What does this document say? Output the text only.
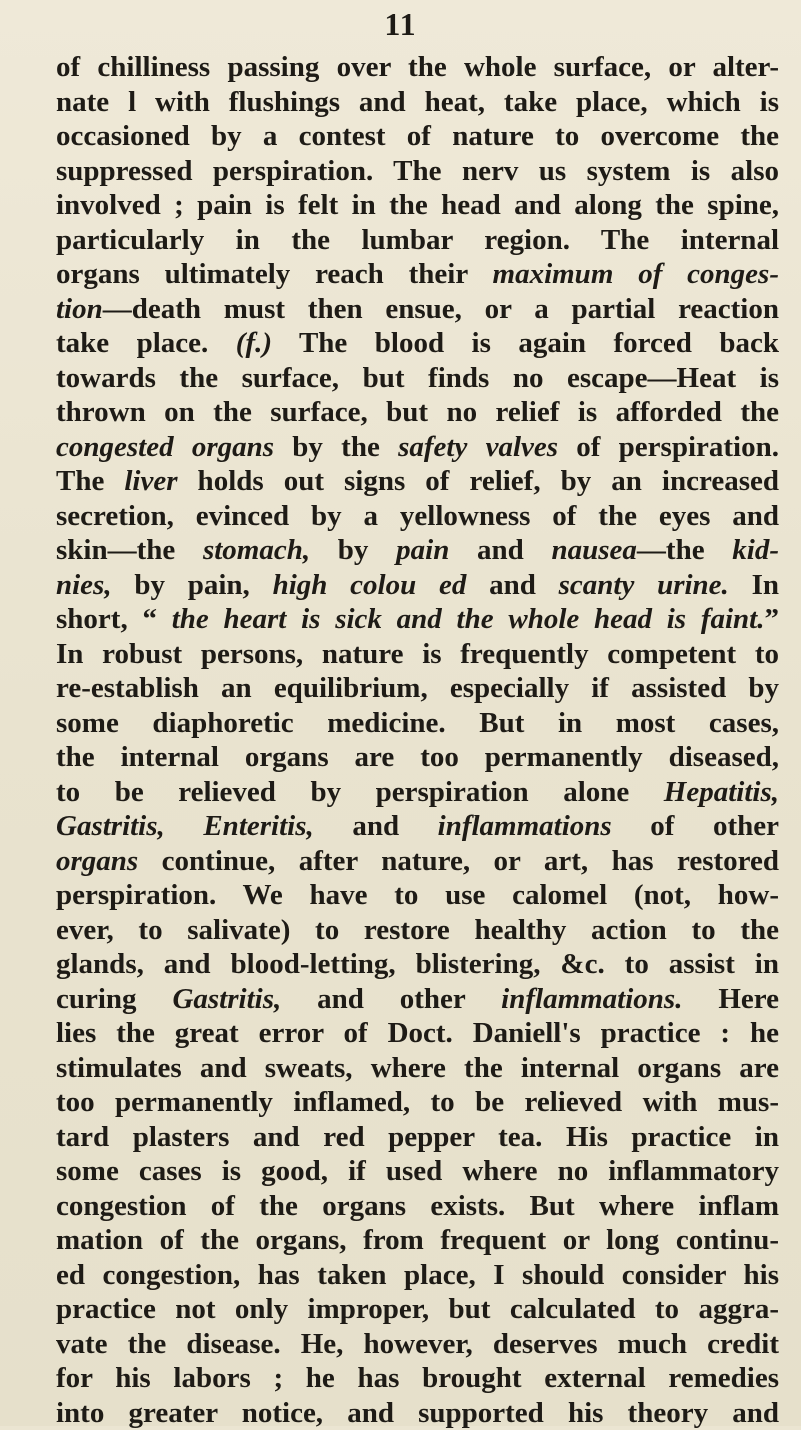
11
of chilliness passing over the whole surface, or alter-
nate l with flushings and heat, take place, which is
occasioned by a contest of nature to overcome the
suppressed perspiration. The nerv us system is also
involved ; pain is felt in the head and along the spine,
particularly in the lumbar region. The internal
organs ultimately reach their maximum of conges-
tion—death must then ensue, or a partial reaction
take place. (f.) The blood is again forced back
towards the surface, but finds no escape—Heat is
thrown on the surface, but no relief is afforded the
congested organs by the safety valves of perspiration.
The liver holds out signs of relief, by an increased
secretion, evinced by a yellowness of the eyes and
skin—the stomach, by pain and nausea—the kid-
nies, by pain, high colou ed and scanty urine. In
short, “ the heart is sick and the whole head is faint.”
In robust persons, nature is frequently competent to
re-establish an equilibrium, especially if assisted by
some diaphoretic medicine. But in most cases,
the internal organs are too permanently diseased,
to be relieved by perspiration alone Hepatitis,
Gastritis, Enteritis, and inflammations of other
organs continue, after nature, or art, has restored
perspiration. We have to use calomel (not, how-
ever, to salivate) to restore healthy action to the
glands, and blood-letting, blistering, &c. to assist in
curing Gastritis, and other inflammations. Here
lies the great error of Doct. Daniell's practice : he
stimulates and sweats, where the internal organs are
too permanently inflamed, to be relieved with mus-
tard plasters and red pepper tea. His practice in
some cases is good, if used where no inflammatory
congestion of the organs exists. But where inflam
mation of the organs, from frequent or long continu-
ed congestion, has taken place, I should consider his
practice not only improper, but calculated to aggra-
vate the disease. He, however, deserves much credit
for his labors ; he has brought external remedies
into greater notice, and supported his theory and
